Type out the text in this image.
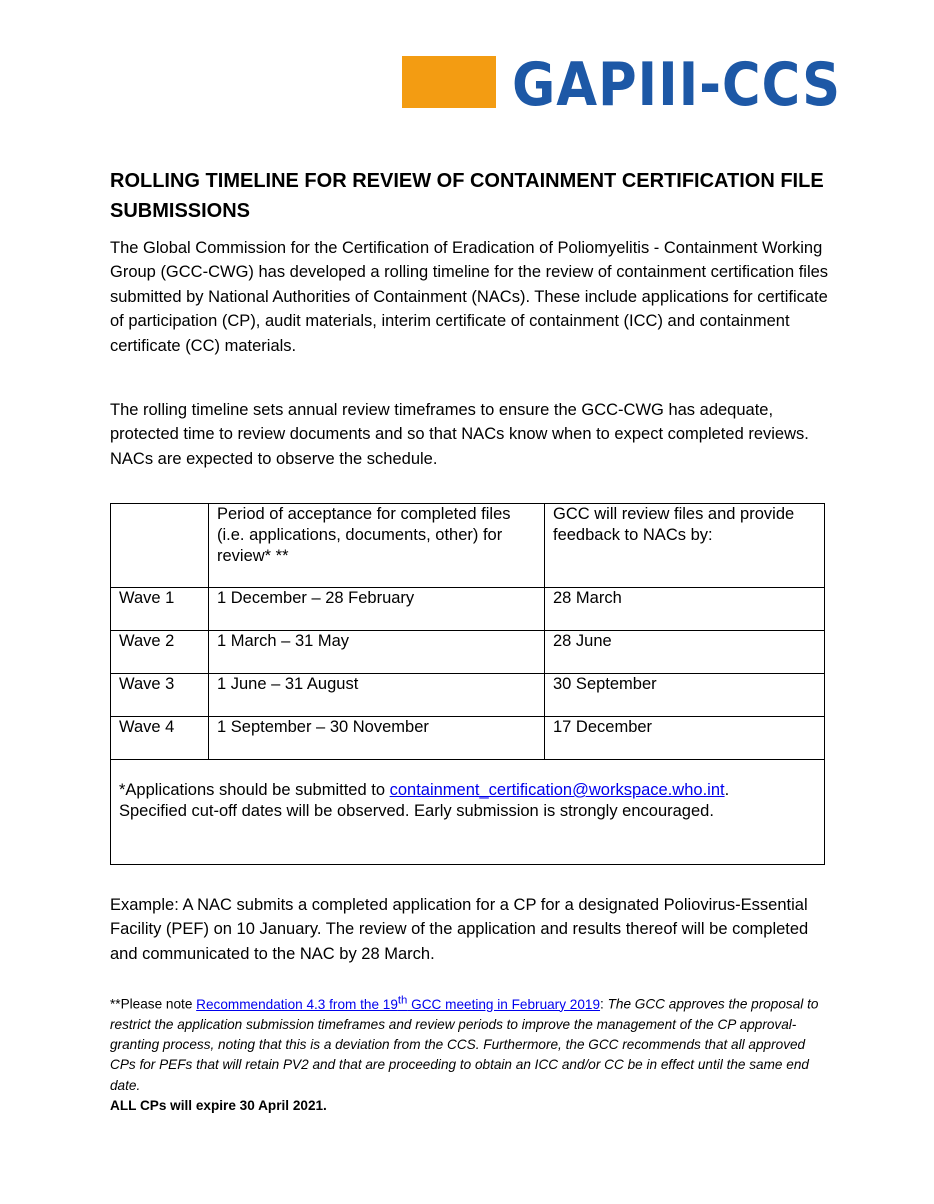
GAPIII-CCS
ROLLING TIMELINE FOR REVIEW OF CONTAINMENT CERTIFICATION FILE SUBMISSIONS
The Global Commission for the Certification of Eradication of Poliomyelitis - Containment Working Group (GCC-CWG) has developed a rolling timeline for the review of containment certification files submitted by National Authorities of Containment (NACs). These include applications for certificate of participation (CP), audit materials, interim certificate of containment (ICC) and containment certificate (CC) materials.
The rolling timeline sets annual review timeframes to ensure the GCC-CWG has adequate, protected time to review documents and so that NACs know when to expect completed reviews. NACs are expected to observe the schedule.
	Period of acceptance for completed files (i.e. applications, documents, other) for review* **	GCC will review files and provide feedback to NACs by:
Wave 1	1 December – 28 February	28 March
Wave 2	1 March – 31 May	28 June
Wave 3	1 June – 31 August	30 September
Wave 4	1 September – 30 November	17 December
*Applications should be submitted to containment_certification@workspace.who.int.
Specified cut-off dates will be observed. Early submission is strongly encouraged.		
Example: A NAC submits a completed application for a CP for a designated Poliovirus-Essential Facility (PEF) on 10 January. The review of the application and results thereof will be completed and communicated to the NAC by 28 March.
**Please note Recommendation 4.3 from the 19th GCC meeting in February 2019: The GCC approves the proposal to restrict the application submission timeframes and review periods to improve the management of the CP approval-granting process, noting that this is a deviation from the CCS. Furthermore, the GCC recommends that all approved CPs for PEFs that will retain PV2 and that are proceeding to obtain an ICC and/or CC be in effect until the same end date.
ALL CPs will expire 30 April 2021.
